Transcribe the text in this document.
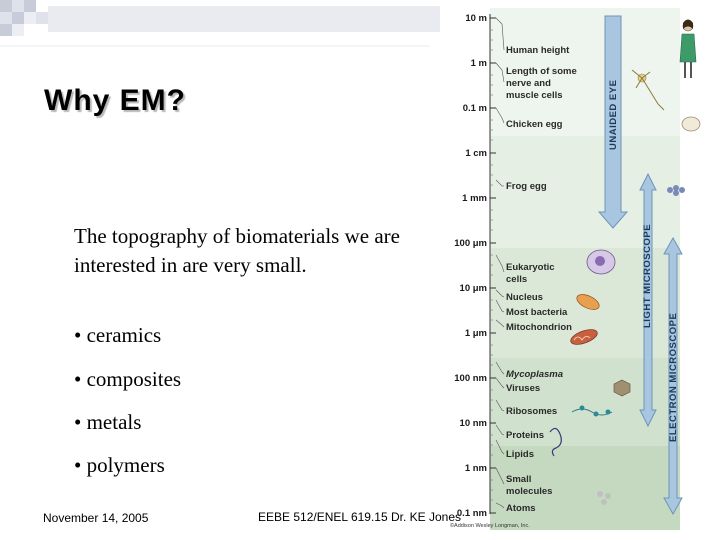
Why EM?
The topography of biomaterials we are interested in are very small.
• ceramics
• composites
• metals
• polymers
November 14, 2005	EEBE 512/ENEL 619.15 Dr. KE Jones
10 m
1 m
0.1 m
1 cm
1 mm
100 μm
10 μm
1 μm
100 nm
10 nm
1 nm
0.1 nm
Human height
Length of some
nerve and
muscle cells
Chicken egg
Frog egg
Eukaryotic
cells
Nucleus
Most bacteria
Mitochondrion
Mycoplasma
Viruses
Ribosomes
Proteins
Lipids
Small
molecules
Atoms
UNAIDED EYE
LIGHT MICROSCOPE
ELECTRON MICROSCOPE
©Addison Wesley Longman, Inc.
